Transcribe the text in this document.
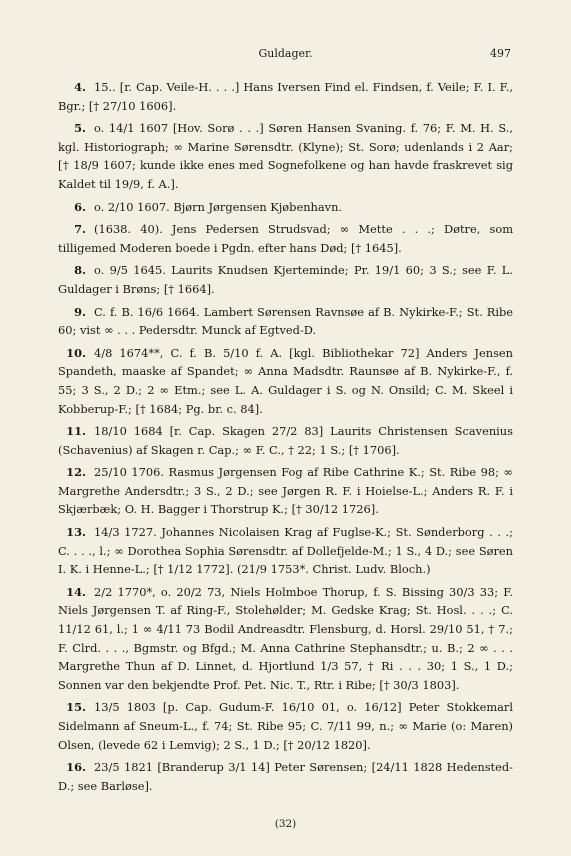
Guldager.	497

4. 15.. [r. Cap. Veile-H. . . .] Hans Iversen Find el. Findsen, f. Veile; F. I. F., Bgr.; [† 27/10 1606].

5. o. 14/1 1607 [Hov. Sorø . . .] Søren Hansen Svaning. f. 76; F. M. H. S., kgl. Historiograph; ∞ Marine Sørensdtr. (Klyne); St. Sorø; udenlands i 2 Aar; [† 18/9 1607; kunde ikke enes med Sognefolkene og han havde fraskrevet sig Kaldet til 19/9, f. A.].

6. o. 2/10 1607. Bjørn Jørgensen Kjøbenhavn.

7. (1638. 40). Jens Pedersen Strudsvad; ∞ Mette . . .; Døtre, som tilligemed Moderen boede i Pgdn. efter hans Død; [† 1645].

8. o. 9/5 1645. Laurits Knudsen Kjerteminde; Pr. 19/1 60; 3 S.; see F. L. Guldager i Brøns; [† 1664].

9. C. f. B. 16/6 1664. Lambert Sørensen Ravnsøe af B. Nykirke-F.; St. Ribe 60; vist ∞ . . . Pedersdtr. Munck af Egtved-D.

10. 4/8 1674**, C. f. B. 5/10 f. A. [kgl. Bibliothekar 72] Anders Jensen Spandeth, maaske af Spandet; ∞ Anna Madsdtr. Raunsøe af B. Nykirke-F., f. 55; 3 S., 2 D.; 2 ∞ Etm.; see L. A. Guldager i S. og N. Onsild; C. M. Skeel i Kobberup-F.; [† 1684; Pg. br. c. 84].

11. 18/10 1684 [r. Cap. Skagen 27/2 83] Laurits Christensen Scavenius (Schavenius) af Skagen r. Cap.; ∞ F. C., † 22; 1 S.; [† 1706].

12. 25/10 1706. Rasmus Jørgensen Fog af Ribe Cathrine K.; St. Ribe 98; ∞ Margrethe Andersdtr.; 3 S., 2 D.; see Jørgen R. F. i Hoielse-L.; Anders R. F. i Skjærbæk; O. H. Bagger i Thorstrup K.; [† 30/12 1726].

13. 14/3 1727. Johannes Nicolaisen Krag af Fuglse-K.; St. Sønderborg . . .; C. . . ., l.; ∞ Dorothea Sophia Sørensdtr. af Dollefjelde-M.; 1 S., 4 D.; see Søren I. K. i Henne-L.; [† 1/12 1772]. (21/9 1753*. Christ. Ludv. Bloch.)

14. 2/2 1770*, o. 20/2 73, Niels Holmboe Thorup, f. S. Bissing 30/3 33; F. Niels Jørgensen T. af Ring-F., Stolehølder; M. Gedske Krag; St. Hosl. . . .; C. 11/12 61, l.; 1 ∞ 4/11 73 Bodil Andreasdtr. Flensburg, d. Horsl. 29/10 51, † 7.; F. Clrd. . . ., Bgmstr. og Bfgd.; M. Anna Cathrine Stephansdtr.; u. B.; 2 ∞ . . . Margrethe Thun af D. Linnet, d. Hjortlund 1/3 57, † Ri . . . 30; 1 S., 1 D.; Sonnen var den bekjendte Prof. Pet. Nic. T., Rtr. i Ribe; [† 30/3 1803].

15. 13/5 1803 [p. Cap. Gudum-F. 16/10 01, o. 16/12] Peter Stokkemarl Sidelmann af Sneum-L., f. 74; St. Ribe 95; C. 7/11 99, n.; ∞ Marie (o: Maren) Olsen, (levede 62 i Lemvig); 2 S., 1 D.; [† 20/12 1820].

16. 23/5 1821 [Branderup 3/1 14] Peter Sørensen; [24/11 1828 Hedensted-D.; see Barløse].

(32)
